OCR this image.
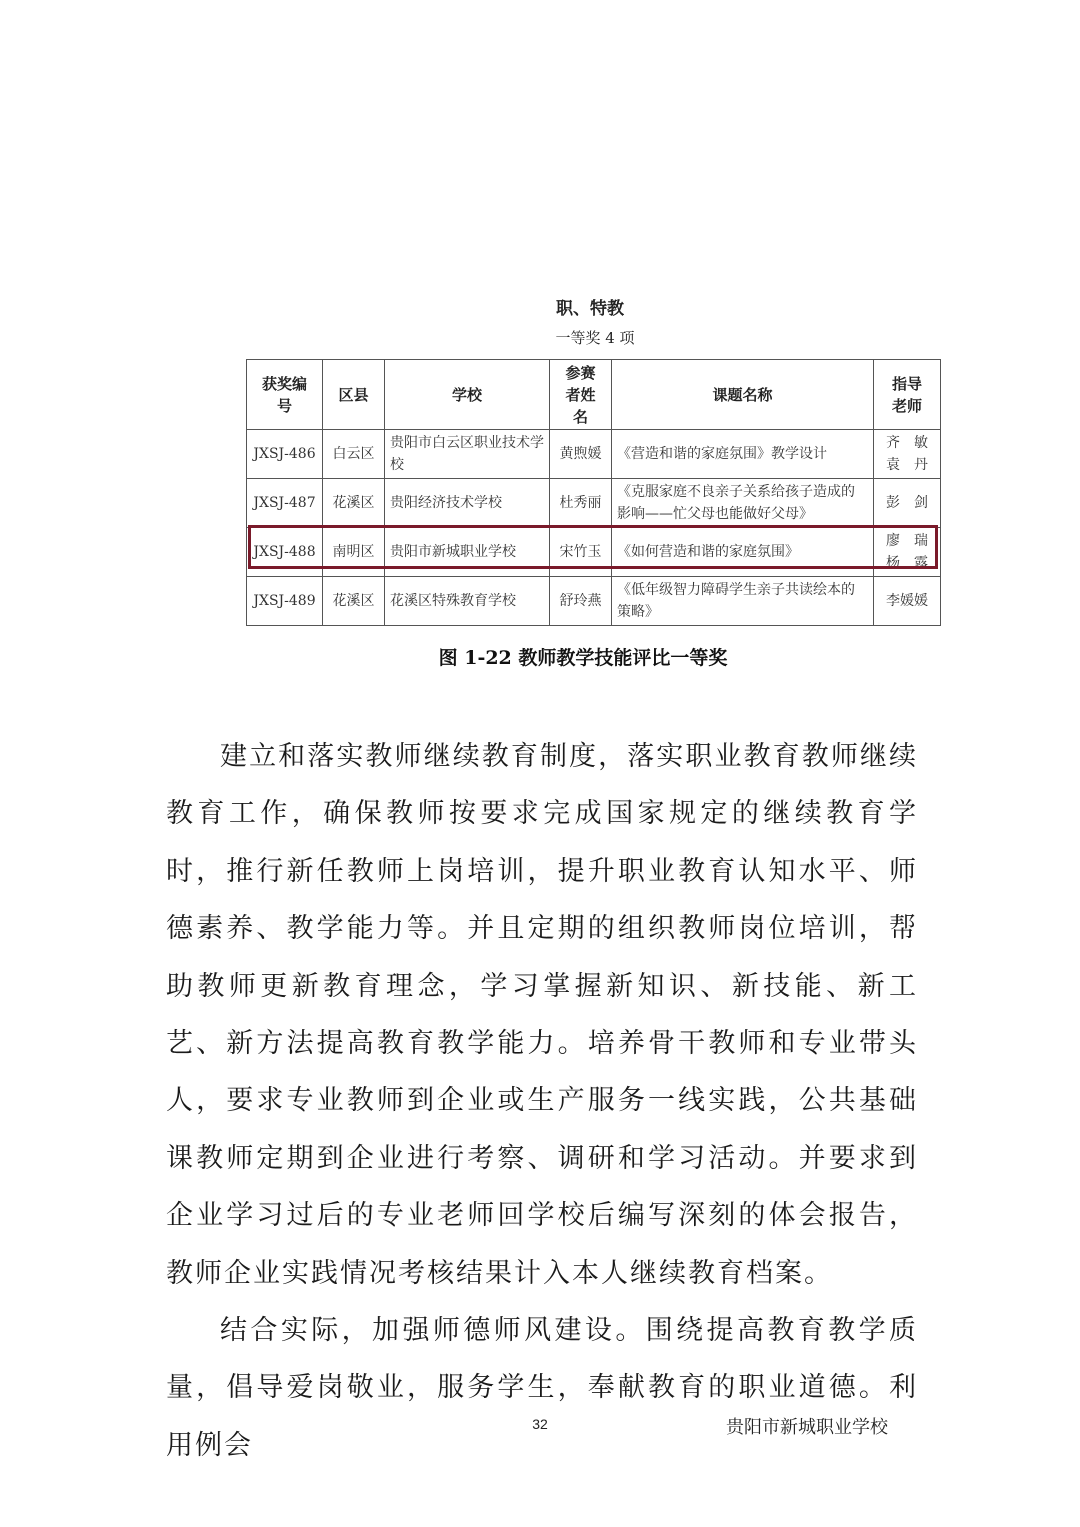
职、特教
一等奖 4 项
获奖编号	区县	学校	参赛者姓名	课题名称	指导老师
JXSJ-486	白云区	贵阳市白云区职业技术学校	黄煦媛	《营造和谐的家庭氛围》教学设计	齐　敏
袁　丹

JXSJ-487	花溪区	贵阳经济技术学校	杜秀丽	《克服家庭不良亲子关系给孩子造成的影响——忙父母也能做好父母》	彭　剑

JXSJ-488	南明区	贵阳市新城职业学校	宋竹玉	《如何营造和谐的家庭氛围》	廖　瑞
杨　露

JXSJ-489	花溪区	花溪区特殊教育学校	舒玲燕	《低年级智力障碍学生亲子共读绘本的策略》	李媛媛
图 1-22 教师教学技能评比一等奖

建立和落实教师继续教育制度，落实职业教育教师继续教育工作，确保教师按要求完成国家规定的继续教育学时，推行新任教师上岗培训，提升职业教育认知水平、师德素养、教学能力等。并且定期的组织教师岗位培训，帮助教师更新教育理念，学习掌握新知识、新技能、新工艺、新方法提高教育教学能力。培养骨干教师和专业带头人，要求专业教师到企业或生产服务一线实践，公共基础课教师定期到企业进行考察、调研和学习活动。并要求到企业学习过后的专业老师回学校后编写深刻的体会报告，教师企业实践情况考核结果计入本人继续教育档案。

结合实际，加强师德师风建设。围绕提高教育教学质量，倡导爱岗敬业，服务学生，奉献教育的职业道德。利用例会

32	贵阳市新城职业学校
